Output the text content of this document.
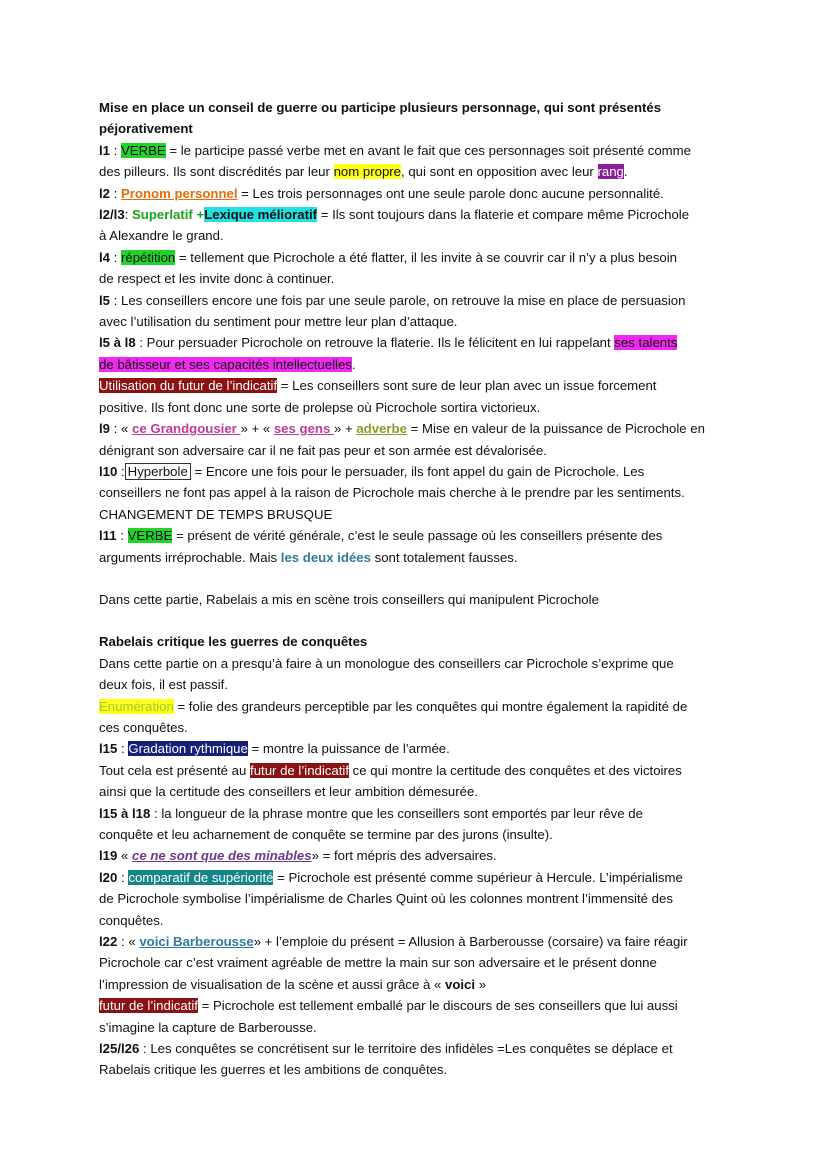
Mise en place un conseil de guerre ou participe plusieurs personnage, qui sont présentés

péjorativement

l1 : VERBE = le participe passé verbe met en avant le fait que ces personnages soit présenté comme

des pilleurs. Ils sont discrédités par leur nom propre, qui sont en opposition avec leur rang.

l2 : Pronom personnel = Les trois personnages ont une seule parole donc aucune personnalité.

l2/l3: Superlatif +Lexique mélioratif = Ils sont toujours dans la flaterie et compare même Picrochole

à Alexandre le grand.

l4 : répétition = tellement que Picrochole a été flatter, il les invite à se couvrir car il n’y a plus besoin

de respect et les invite donc à continuer.

l5 : Les conseillers encore une fois par une seule parole, on retrouve la mise en place de persuasion

avec l’utilisation du sentiment pour mettre leur plan d’attaque.

l5 à l8 : Pour persuader Picrochole on retrouve la flaterie. Ils le félicitent en lui rappelant ses talents

de bâtisseur et ses capacités intellectuelles.

Utilisation du futur de l’indicatif = Les conseillers sont sure de leur plan avec un issue forcement

positive. Ils font donc une sorte de prolepse où Picrochole sortira victorieux.

l9 : « ce Grandgousier » + « ses gens » + adverbe = Mise en valeur de la puissance de Picrochole en

dénigrant son adversaire car il ne fait pas peur et son armée est dévalorisée.

l10 : Hyperbole = Encore une fois pour le persuader, ils font appel du gain de Picrochole. Les

conseillers ne font pas appel à la raison de Picrochole mais cherche à le prendre par les sentiments.

CHANGEMENT DE TEMPS BRUSQUE

l11 : VERBE = présent de vérité générale, c’est le seule passage où les conseillers présente des

arguments irréprochable. Mais les deux idées sont totalement fausses.

Dans cette partie, Rabelais a mis en scène trois conseillers qui manipulent Picrochole

Rabelais critique les guerres de conquêtes

Dans cette partie on a presqu’à faire à un monologue des conseillers car Picrochole s’exprime que

deux fois, il est passif.

Enumération = folie des grandeurs perceptible par les conquêtes qui montre également la rapidité de

ces conquêtes.

l15 : Gradation rythmique = montre la puissance de l’armée.

Tout cela est présenté au futur de l’indicatif ce qui montre la certitude des conquêtes et des victoires

ainsi que la certitude des conseillers et leur ambition démesurée.

l15 à l18 : la longueur de la phrase montre que les conseillers sont emportés par leur rêve de

conquête et leu acharnement de conquête se termine par des jurons (insulte).

l19 « ce ne sont que des minables» = fort mépris des adversaires.

l20 : comparatif de supériorité = Picrochole est présenté comme supérieur à Hercule. L’impérialisme

de Picrochole symbolise l’impérialisme de Charles Quint où les colonnes montrent l’immensité des

conquêtes.

l22 : « voici Barberousse» + l’emploie du présent = Allusion à Barberousse (corsaire) va faire réagir

Picrochole car c’est vraiment agréable de mettre la main sur son adversaire et le présent donne

l’impression de visualisation de la scène et aussi grâce à « voici »

futur de l’indicatif = Picrochole est tellement emballé par le discours de ses conseillers que lui aussi

s’imagine la capture de Barberousse.

l25/l26 : Les conquêtes se concrétisent sur le territoire des infidèles =Les conquêtes se déplace et

Rabelais critique les guerres et les ambitions de conquêtes.
